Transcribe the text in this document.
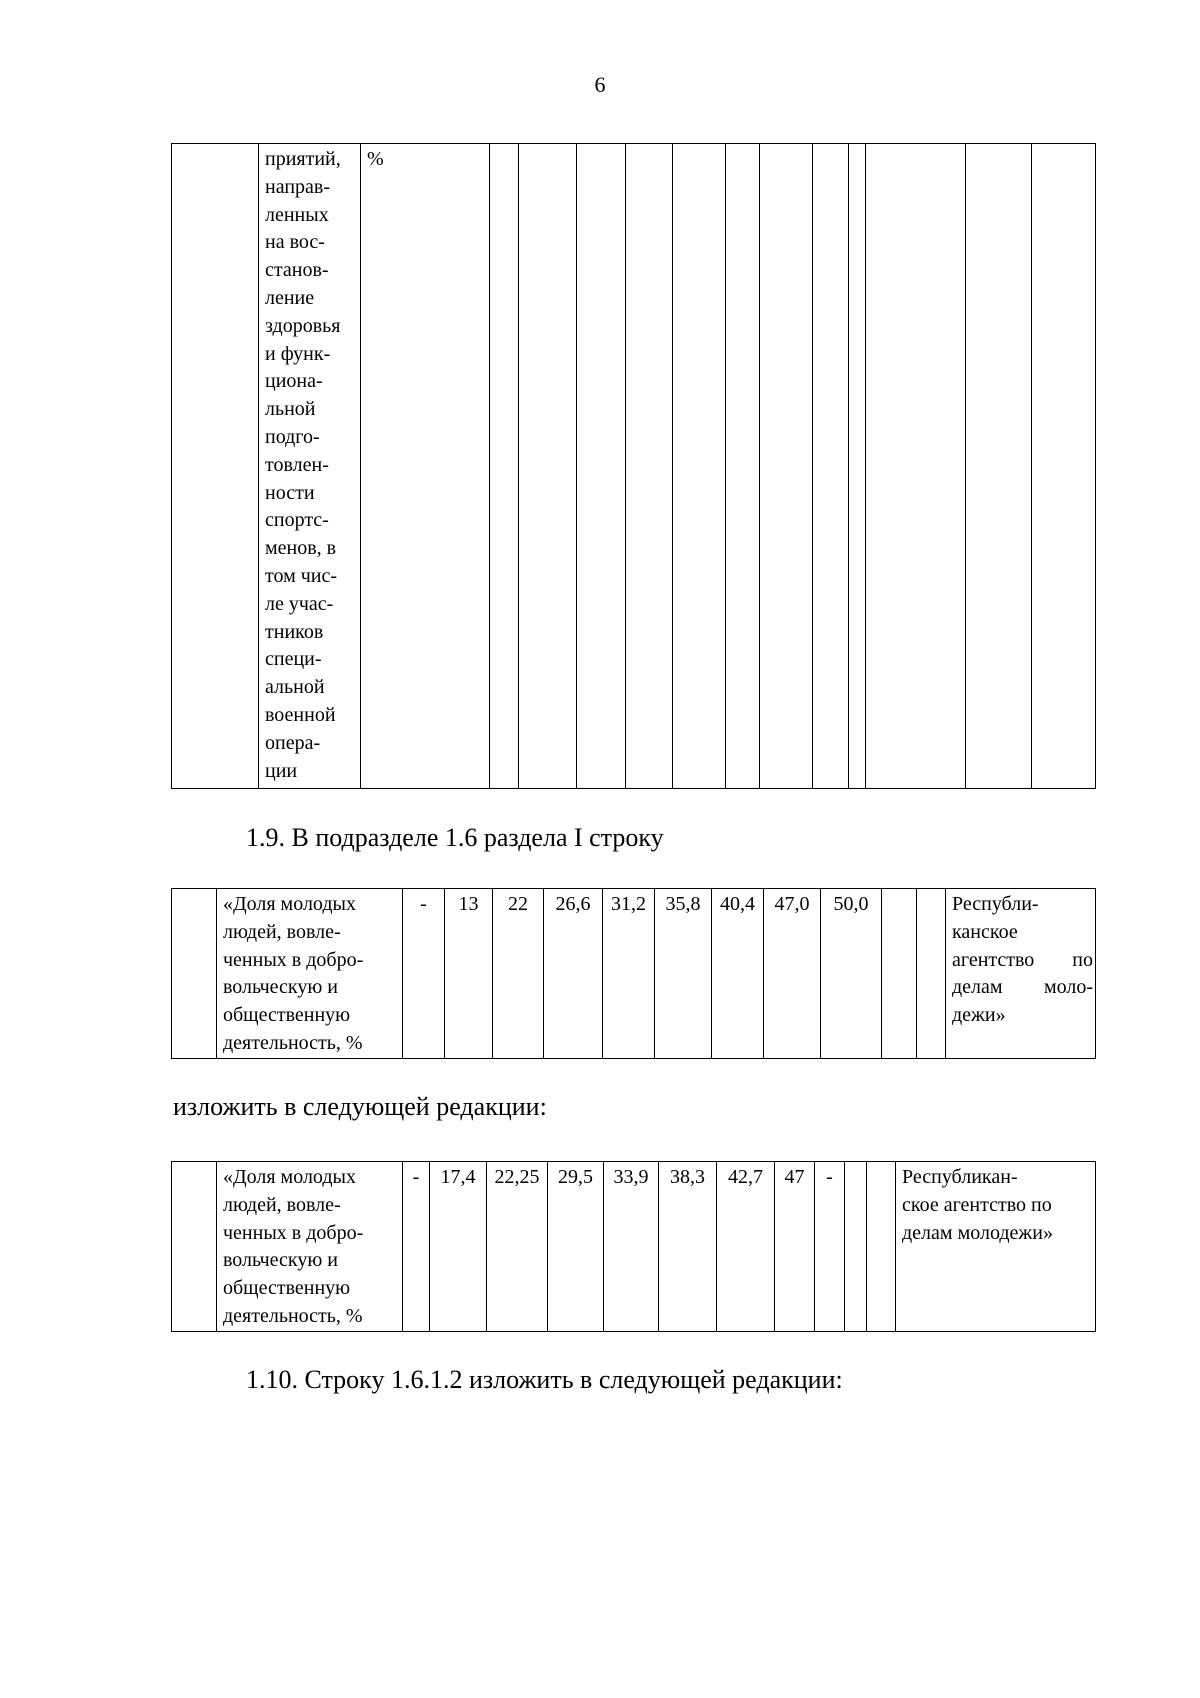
6

приятий,
направ-
ленных
на вос-
станов-
ление
здоровья
и функ-
циона-
льной
подго-
товлен-
ности
спортс-
менов, в
том чис-
ле учас-
тников
специ-
альной
военной
опера-
ции
	%												
1.9. В подразделе 1.6 раздела I строку

«Доля молодых
людей, вовле-
ченных в добро-
вольческую и
общественную
деятельность, %
	-	13	22	26,6	31,2	35,8	40,4	47,0	50,0			Республи-
канское
агентство по
делам моло-
дежи»
изложить в следующей редакции:

«Доля молодых
людей, вовле-
ченных в добро-
вольческую и
общественную
деятельность, %
	-	17,4	22,25	29,5	33,9	38,3	42,7	47	-			Республикан-
ское агентство по
делам молодежи»
1.10. Строку 1.6.1.2 изложить в следующей редакции:
